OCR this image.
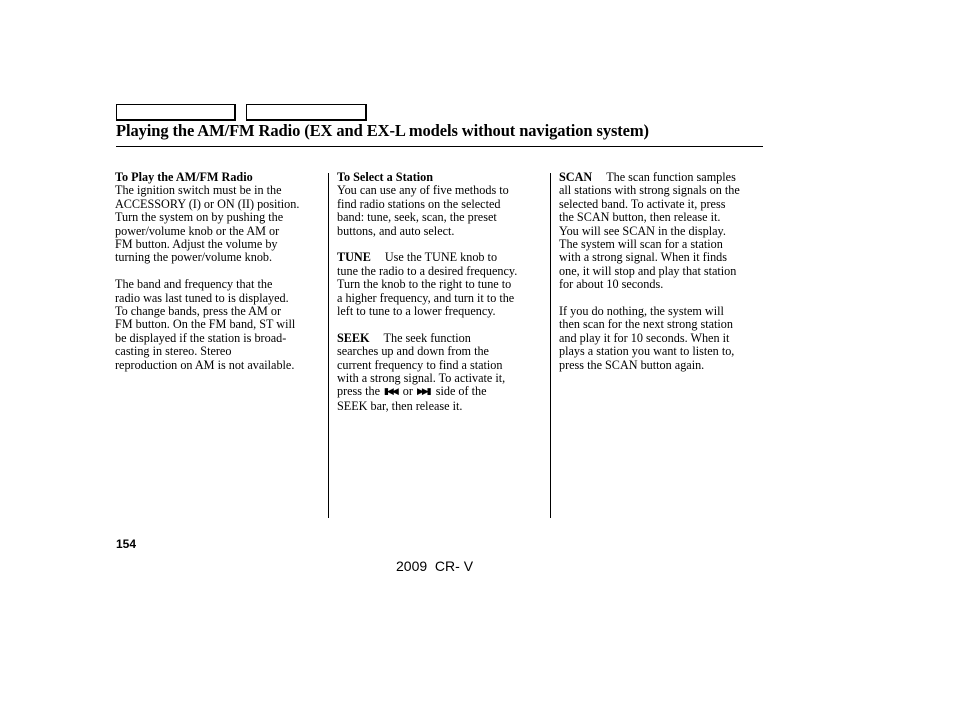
Playing the AM/FM Radio (EX and EX-L models without navigation system)
To Play the AM/FM Radio
The ignition switch must be in the
ACCESSORY (I) or ON (II) position.
Turn the system on by pushing the
power/volume knob or the AM or
FM button. Adjust the volume by
turning the power/volume knob.
The band and frequency that the
radio was last tuned to is displayed.
To change bands, press the AM or
FM button. On the FM band, ST will
be displayed if the station is broad-
casting in stereo. Stereo
reproduction on AM is not available.
To Select a Station
You can use any of five methods to
find radio stations on the selected
band: tune, seek, scan, the preset
buttons, and auto select.
TUNE Use the TUNE knob to
tune the radio to a desired frequency.
Turn the knob to the right to tune to
a higher frequency, and turn it to the
left to tune to a lower frequency.
SEEK The seek function
searches up and down from the
current frequency to find a station
with a strong signal. To activate it,
press the ▮◀◀ or ▶▶▮ side of the
SEEK bar, then release it.
SCAN The scan function samples
all stations with strong signals on the
selected band. To activate it, press
the SCAN button, then release it.
You will see SCAN in the display.
The system will scan for a station
with a strong signal. When it finds
one, it will stop and play that station
for about 10 seconds.
If you do nothing, the system will
then scan for the next strong station
and play it for 10 seconds. When it
plays a station you want to listen to,
press the SCAN button again.
154
2009  CR- V
